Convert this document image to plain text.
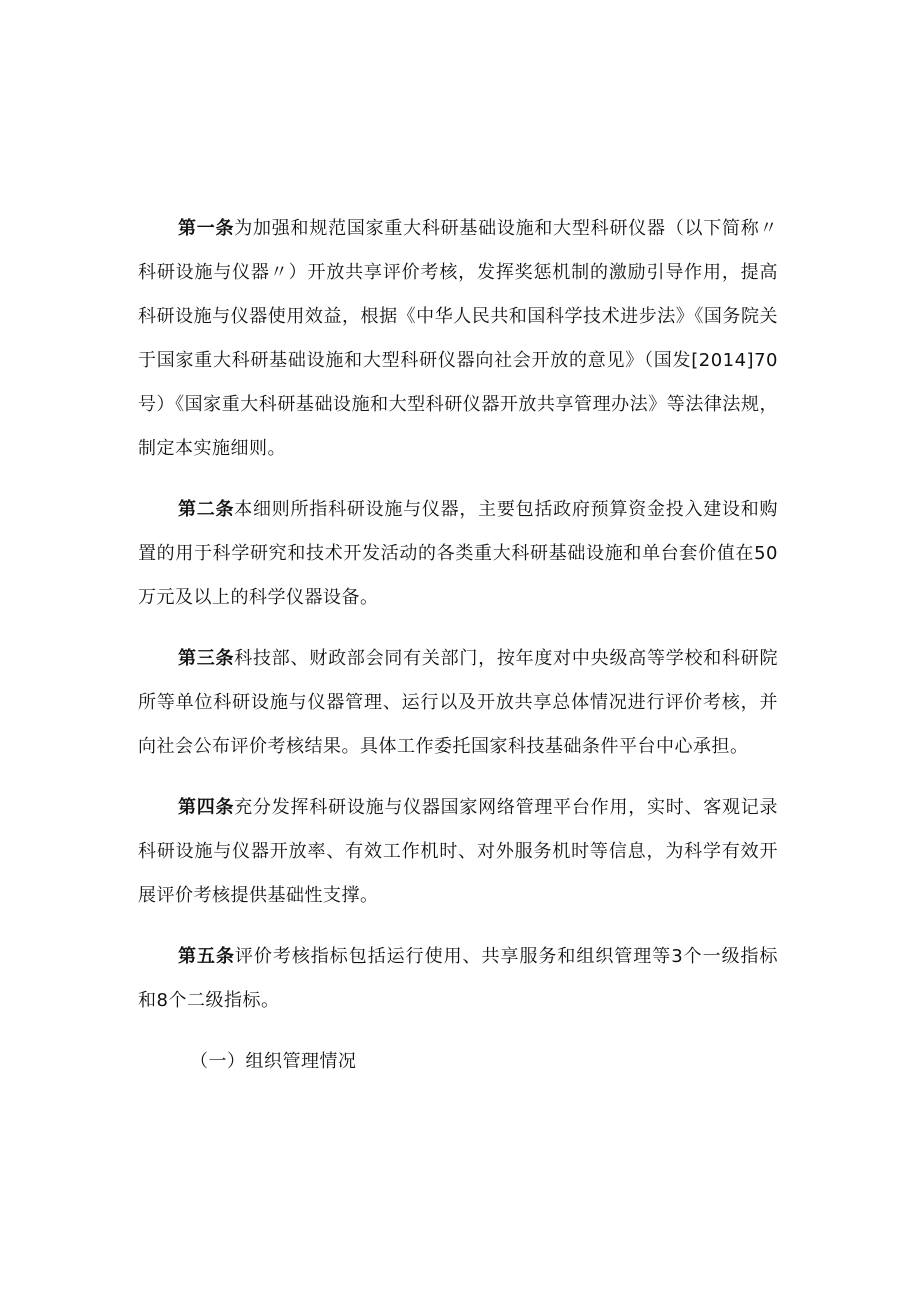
第一条为加强和规范国家重大科研基础设施和大型科研仪器（以下简称〃科研设施与仪器〃）开放共享评价考核，发挥奖惩机制的激励引导作用，提高科研设施与仪器使用效益，根据《中华人民共和国科学技术进步法》《国务院关于国家重大科研基础设施和大型科研仪器向社会开放的意见》（国发[2014]70号）《国家重大科研基础设施和大型科研仪器开放共享管理办法》等法律法规，制定本实施细则。

第二条本细则所指科研设施与仪器，主要包括政府预算资金投入建设和购置的用于科学研究和技术开发活动的各类重大科研基础设施和单台套价值在50万元及以上的科学仪器设备。

第三条科技部、财政部会同有关部门，按年度对中央级高等学校和科研院所等单位科研设施与仪器管理、运行以及开放共享总体情况进行评价考核，并向社会公布评价考核结果。具体工作委托国家科技基础条件平台中心承担。

第四条充分发挥科研设施与仪器国家网络管理平台作用，实时、客观记录科研设施与仪器开放率、有效工作机时、对外服务机时等信息，为科学有效开展评价考核提供基础性支撑。

第五条评价考核指标包括运行使用、共享服务和组织管理等3个一级指标和8个二级指标。

（一）组织管理情况
